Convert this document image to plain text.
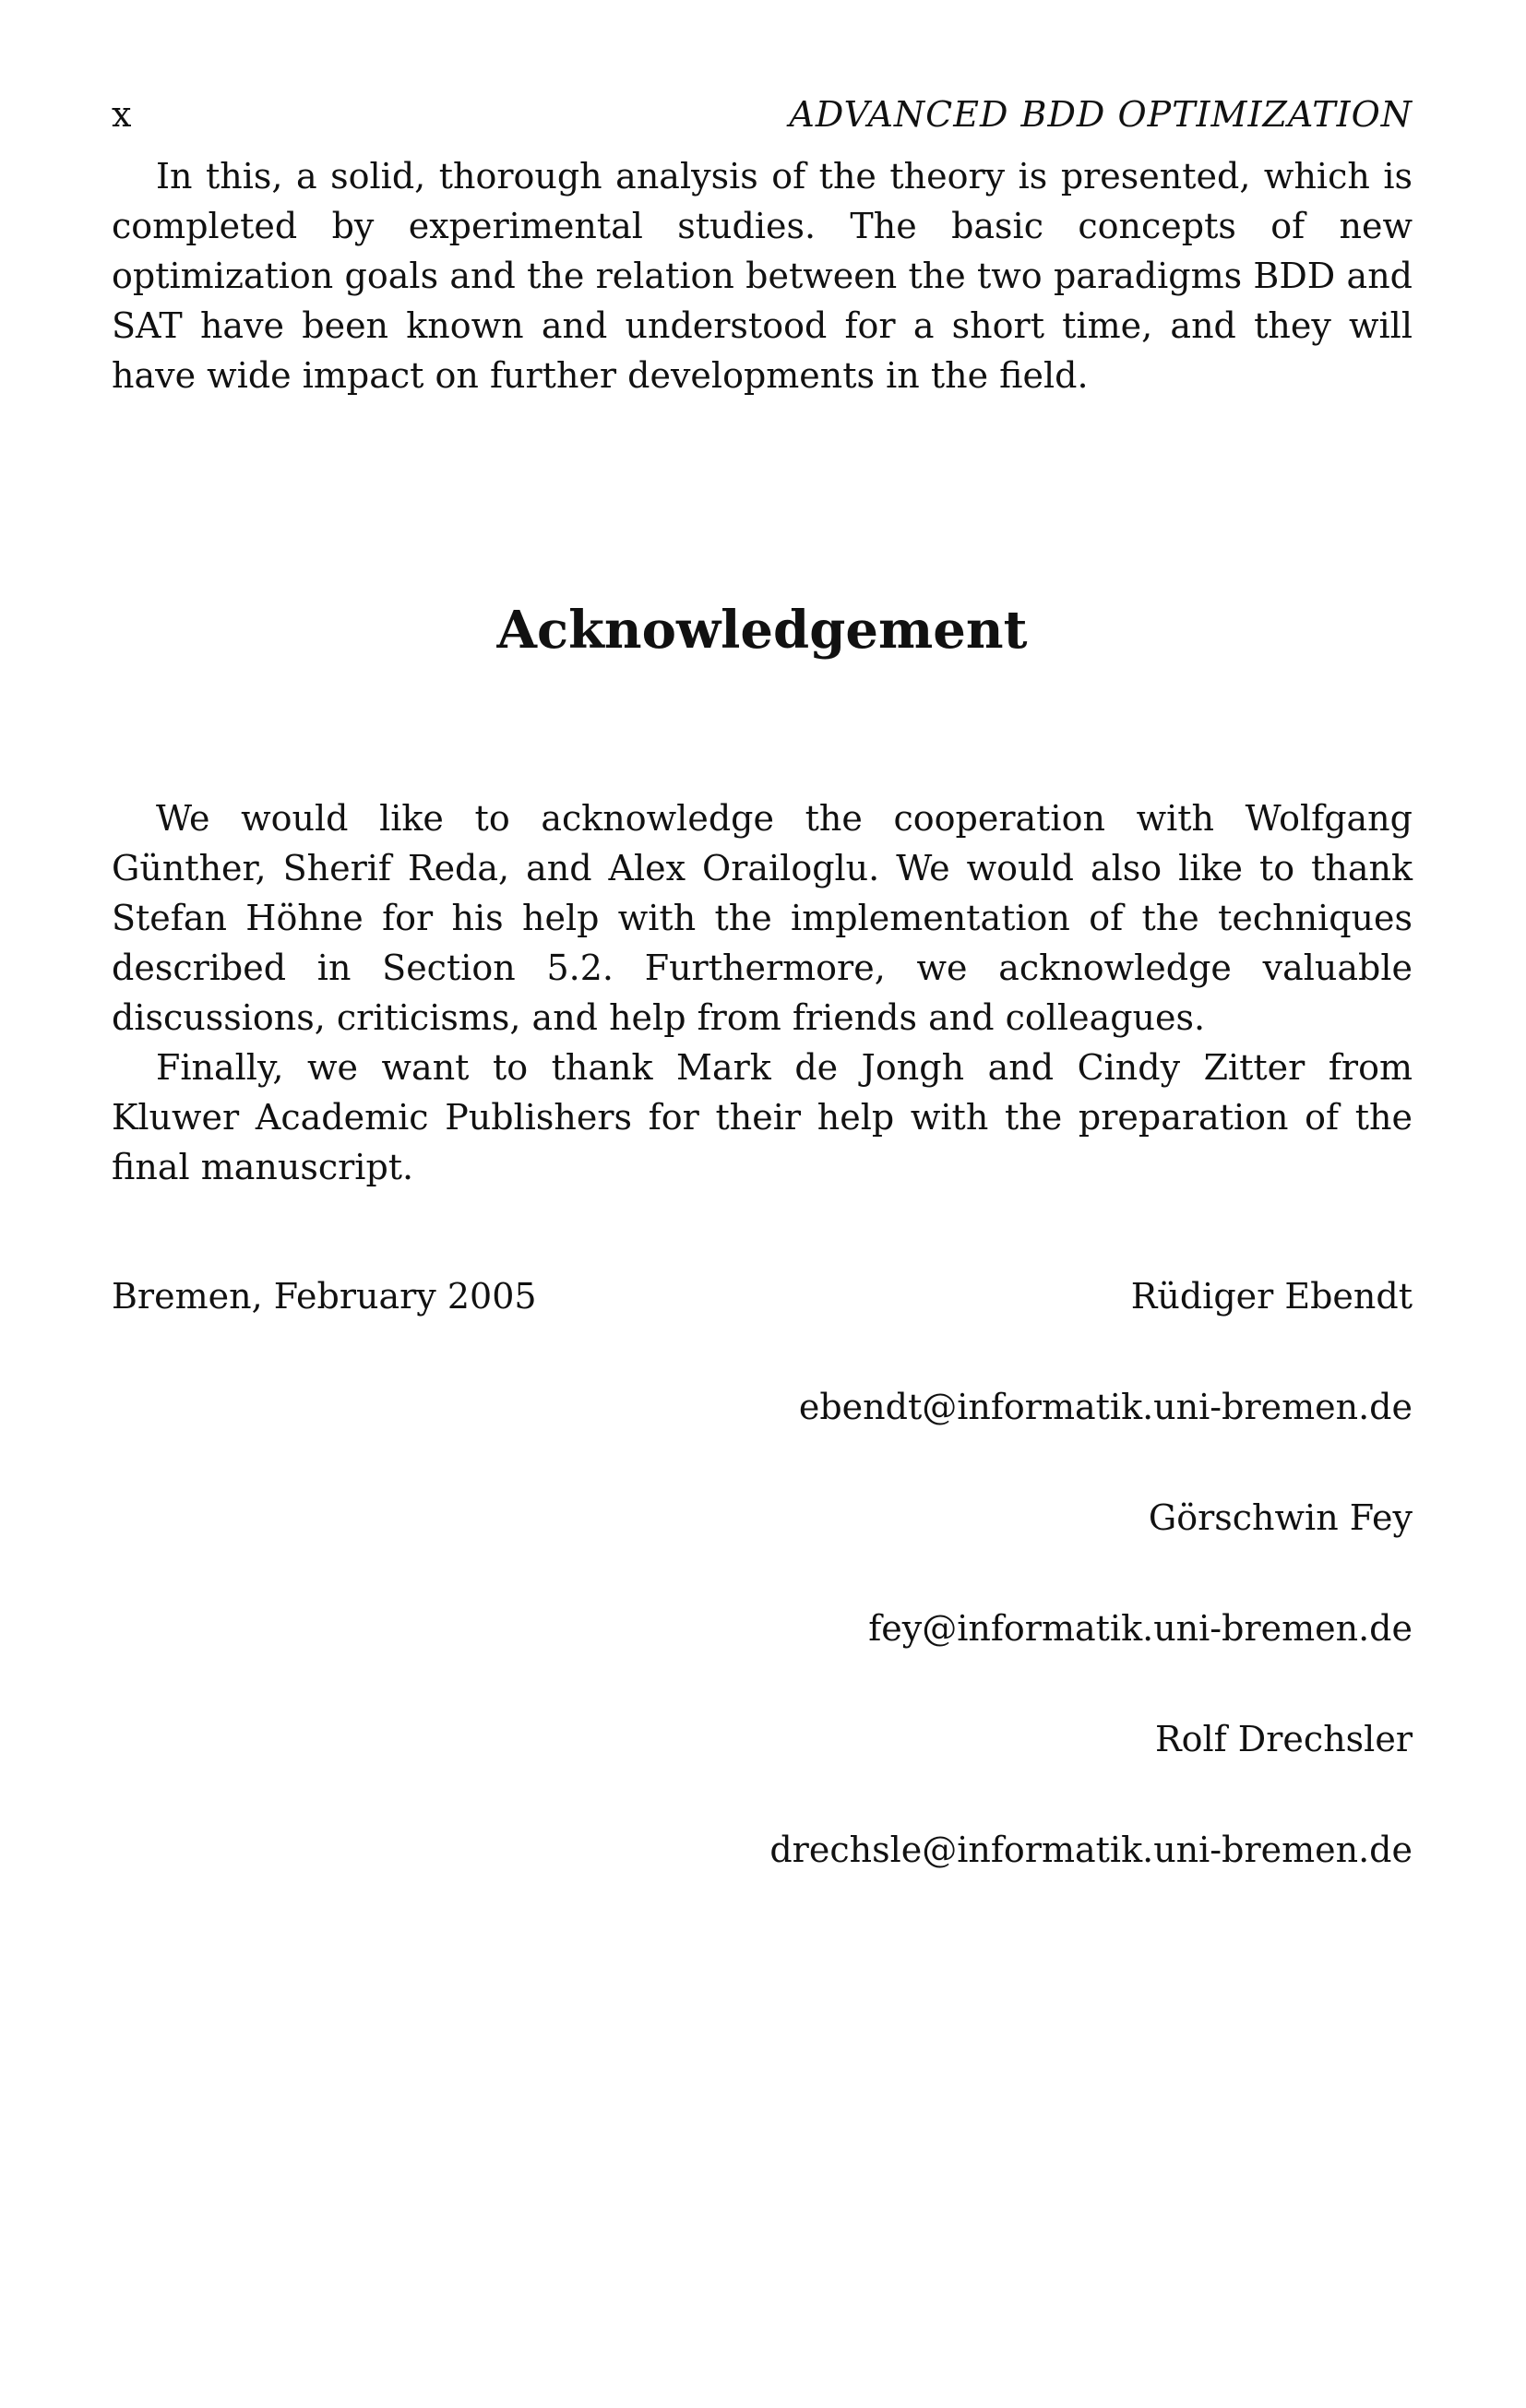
x	ADVANCED BDD OPTIMIZATION

In this, a solid, thorough analysis of the theory is presented, which is completed by experimental studies. The basic concepts of new optimization goals and the relation between the two paradigms BDD and SAT have been known and understood for a short time, and they will have wide impact on further developments in the field.

Acknowledgement

We would like to acknowledge the cooperation with Wolfgang Günther, Sherif Reda, and Alex Orailoglu. We would also like to thank Stefan Höhne for his help with the implementation of the techniques described in Section 5.2. Furthermore, we acknowledge valuable discussions, criticisms, and help from friends and colleagues.

Finally, we want to thank Mark de Jongh and Cindy Zitter from Kluwer Academic Publishers for their help with the preparation of the final manuscript.

Bremen, February 2005	Rüdiger Ebendt
ebendt@informatik.uni-bremen.de
Görschwin Fey
fey@informatik.uni-bremen.de
Rolf Drechsler
drechsle@informatik.uni-bremen.de
